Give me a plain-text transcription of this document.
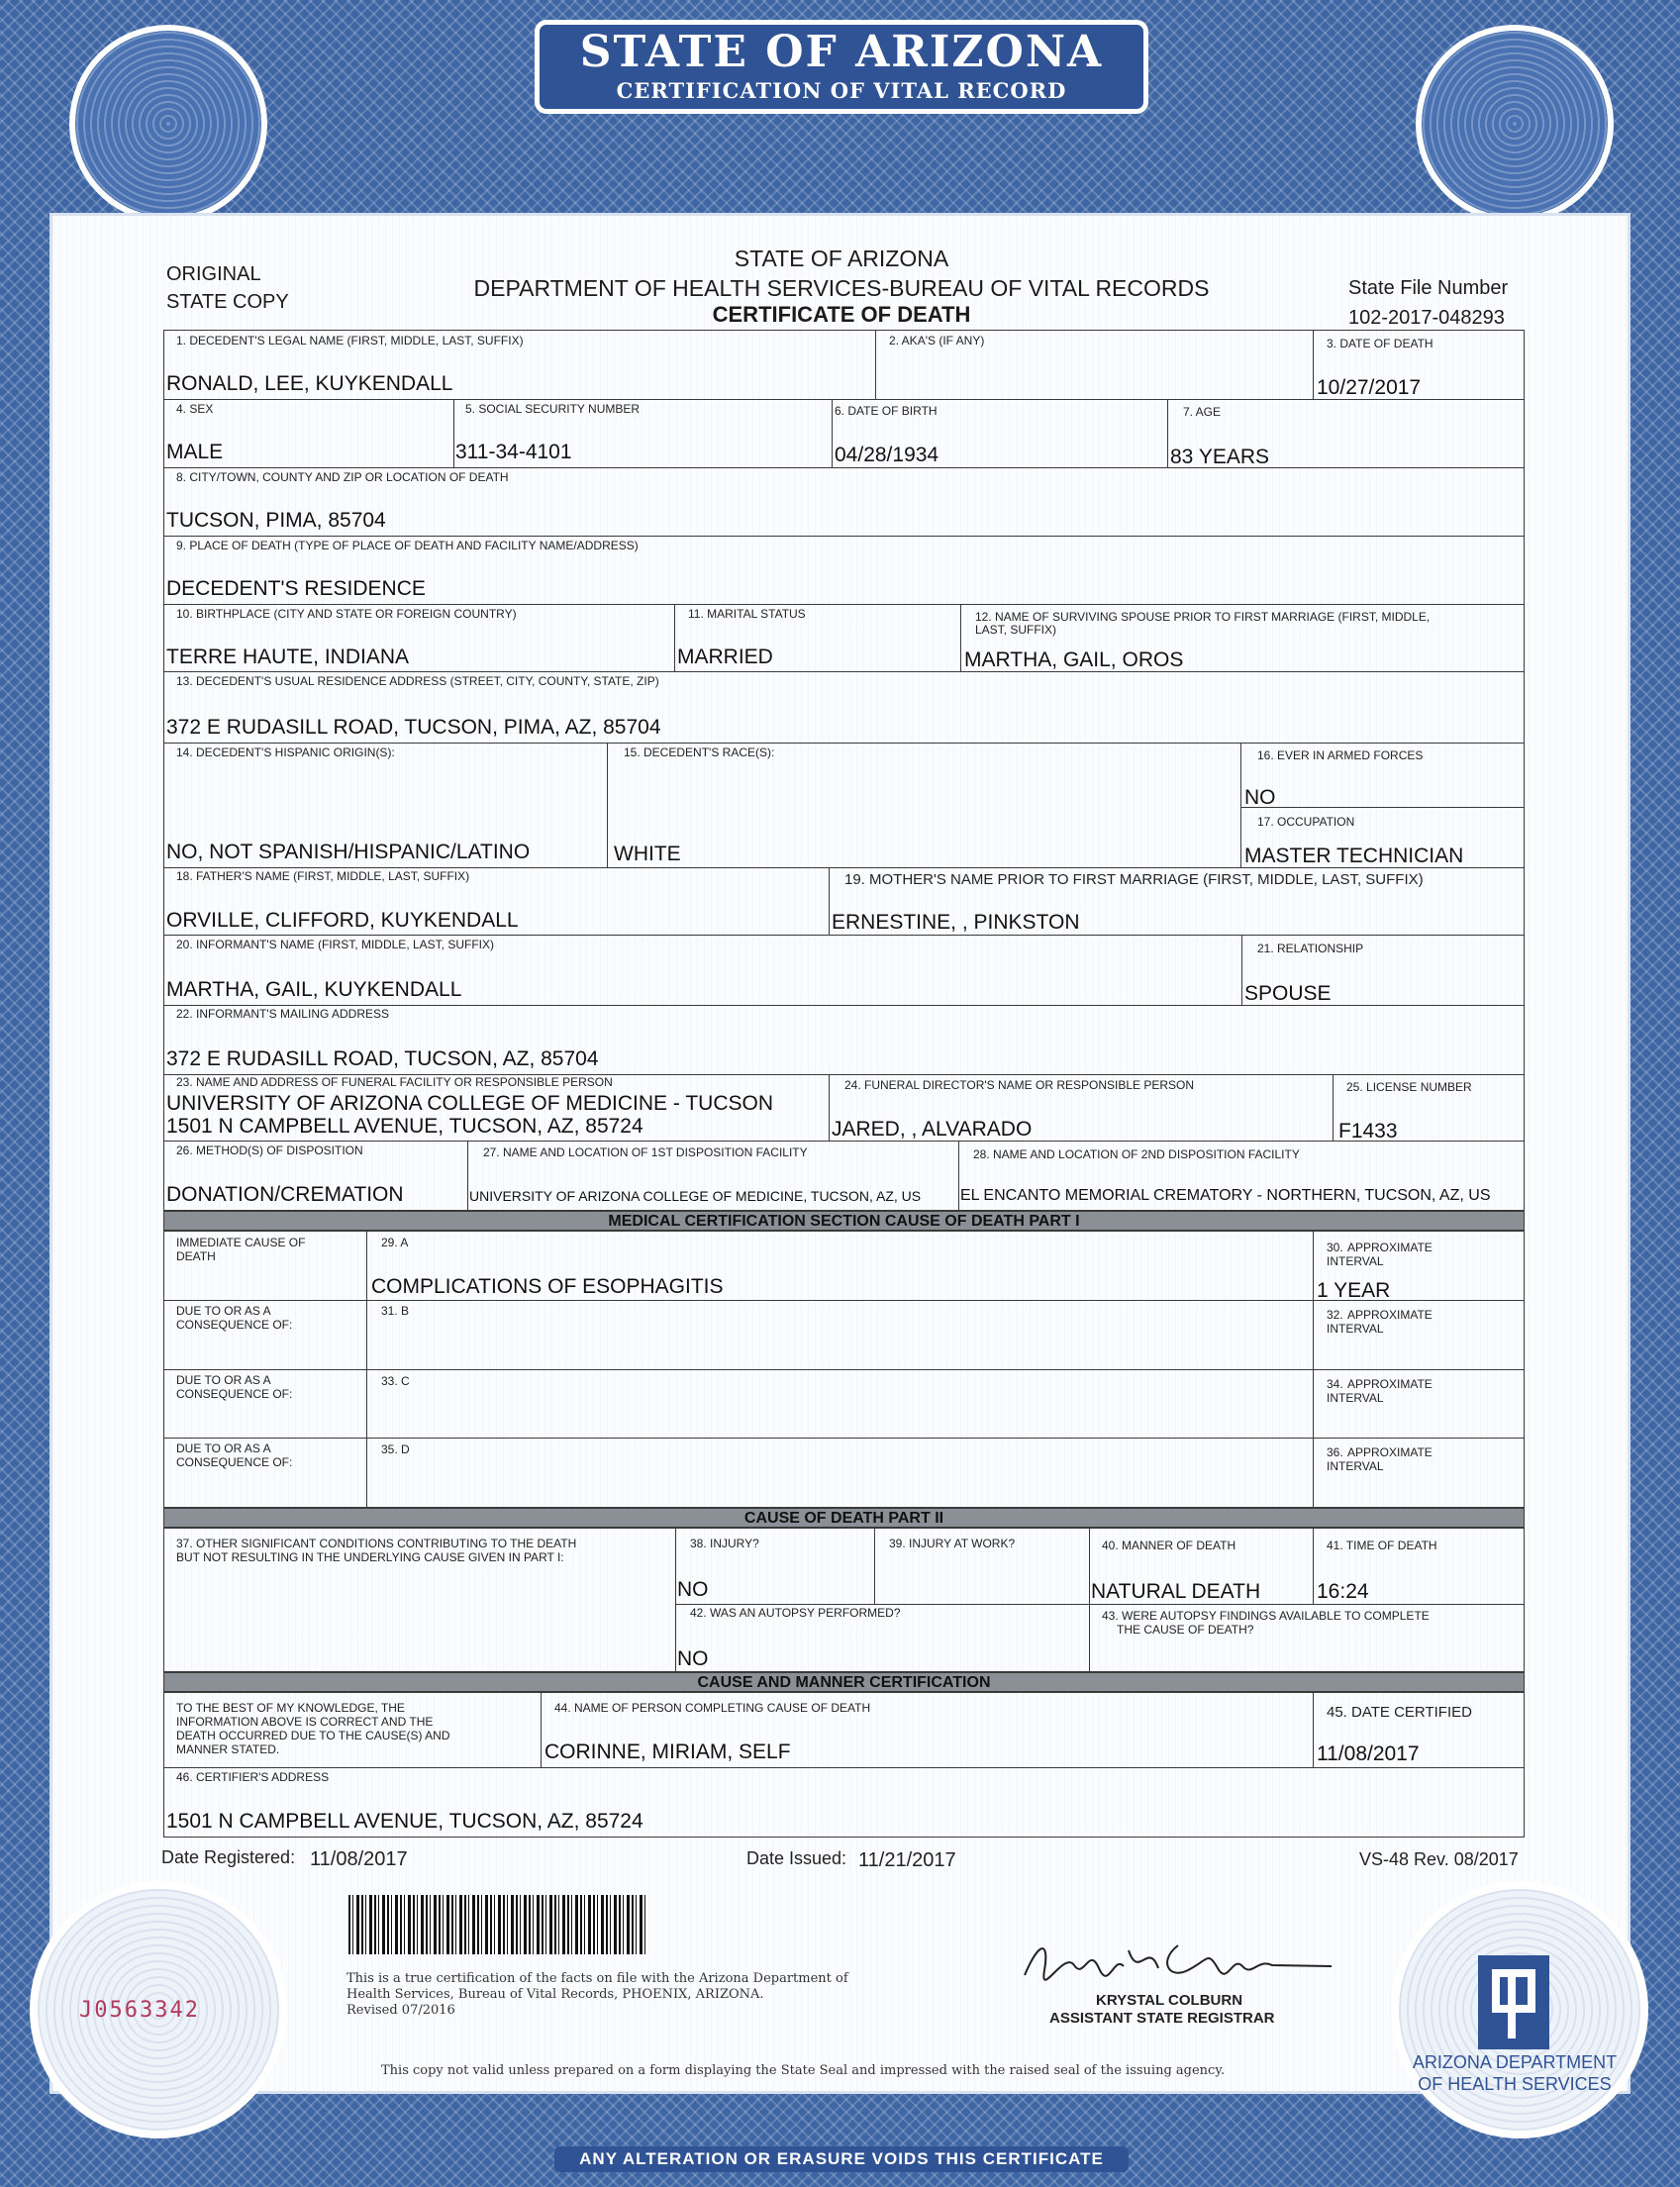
STATE OF ARIZONA
CERTIFICATION OF VITAL RECORD
ORIGINAL
STATE COPY
STATE OF ARIZONA
DEPARTMENT OF HEALTH SERVICES-BUREAU OF VITAL RECORDS
CERTIFICATE OF DEATH
State File Number
102-2017-048293
1. DECEDENT'S LEGAL NAME (FIRST, MIDDLE, LAST, SUFFIX)
RONALD, LEE, KUYKENDALL
2. AKA'S (IF ANY)	3. DATE OF DEATH
10/27/2017
4. SEX
MALE
5. SOCIAL SECURITY NUMBER
311-34-4101
6. DATE OF BIRTH
04/28/1934
7. AGE
83 YEARS
8. CITY/TOWN, COUNTY AND ZIP OR LOCATION OF DEATH
TUCSON, PIMA, 85704
9. PLACE OF DEATH (TYPE OF PLACE OF DEATH AND FACILITY NAME/ADDRESS)
DECEDENT'S RESIDENCE
10. BIRTHPLACE (CITY AND STATE OR FOREIGN COUNTRY)
TERRE HAUTE, INDIANA
11. MARITAL STATUS
MARRIED
12. NAME OF SURVIVING SPOUSE PRIOR TO FIRST MARRIAGE (FIRST, MIDDLE,
LAST, SUFFIX)
MARTHA, GAIL, OROS
13. DECEDENT'S USUAL RESIDENCE ADDRESS (STREET, CITY, COUNTY, STATE, ZIP)
372 E RUDASILL ROAD, TUCSON, PIMA, AZ, 85704
14. DECEDENT'S HISPANIC ORIGIN(S):
NO, NOT SPANISH/HISPANIC/LATINO
15. DECEDENT'S RACE(S):
WHITE
16. EVER IN ARMED FORCES
NO
17. OCCUPATION
MASTER TECHNICIAN
18. FATHER'S NAME (FIRST, MIDDLE, LAST, SUFFIX)
ORVILLE, CLIFFORD, KUYKENDALL
19. MOTHER'S NAME PRIOR TO FIRST MARRIAGE (FIRST, MIDDLE, LAST, SUFFIX)
ERNESTINE, , PINKSTON
20. INFORMANT'S NAME (FIRST, MIDDLE, LAST, SUFFIX)
MARTHA, GAIL, KUYKENDALL
21. RELATIONSHIP
SPOUSE
22. INFORMANT'S MAILING ADDRESS
372 E RUDASILL ROAD, TUCSON, AZ, 85704
23. NAME AND ADDRESS OF FUNERAL FACILITY OR RESPONSIBLE PERSON
UNIVERSITY OF ARIZONA COLLEGE OF MEDICINE - TUCSON
1501 N CAMPBELL AVENUE, TUCSON, AZ, 85724
24. FUNERAL DIRECTOR'S NAME OR RESPONSIBLE PERSON
JARED, , ALVARADO
25. LICENSE NUMBER
F1433
26. METHOD(S) OF DISPOSITION
DONATION/CREMATION
27. NAME AND LOCATION OF 1ST DISPOSITION FACILITY
UNIVERSITY OF ARIZONA COLLEGE OF MEDICINE, TUCSON, AZ, US
28. NAME AND LOCATION OF 2ND DISPOSITION FACILITY
EL ENCANTO MEMORIAL CREMATORY - NORTHERN, TUCSON, AZ, US
MEDICAL CERTIFICATION SECTION CAUSE OF DEATH PART I
IMMEDIATE CAUSE OF
DEATH
29. A
COMPLICATIONS OF ESOPHAGITIS
30. APPROXIMATE
INTERVAL
1 YEAR
DUE TO OR AS A
CONSEQUENCE OF:
31. B	32. APPROXIMATE
INTERVAL
DUE TO OR AS A
CONSEQUENCE OF:
33. C	34. APPROXIMATE
INTERVAL
DUE TO OR AS A
CONSEQUENCE OF:
35. D	36. APPROXIMATE
INTERVAL
CAUSE OF DEATH PART II
37. OTHER SIGNIFICANT CONDITIONS CONTRIBUTING TO THE DEATH
BUT NOT RESULTING IN THE UNDERLYING CAUSE GIVEN IN PART I:
38. INJURY?
NO
39. INJURY AT WORK?	40. MANNER OF DEATH
NATURAL DEATH
41. TIME OF DEATH
16:24
42. WAS AN AUTOPSY PERFORMED?
NO
43. WERE AUTOPSY FINDINGS AVAILABLE TO COMPLETE
THE CAUSE OF DEATH?
CAUSE AND MANNER CERTIFICATION
TO THE BEST OF MY KNOWLEDGE, THE
INFORMATION ABOVE IS CORRECT AND THE
DEATH OCCURRED DUE TO THE CAUSE(S) AND
MANNER STATED.
44. NAME OF PERSON COMPLETING CAUSE OF DEATH
CORINNE, MIRIAM, SELF
45. DATE CERTIFIED
11/08/2017
46. CERTIFIER'S ADDRESS
1501 N CAMPBELL AVENUE, TUCSON, AZ, 85724
Date Registered: 11/08/2017	Date Issued: 11/21/2017	VS-48 Rev. 08/2017
This is a true certification of the facts on file with the Arizona Department of
Health Services, Bureau of Vital Records, PHOENIX, ARIZONA.
Revised 07/2016
KRYSTAL COLBURN
ASSISTANT STATE REGISTRAR
This copy not valid unless prepared on a form displaying the State Seal and impressed with the raised seal of the issuing agency.
J0563342
ARIZONA DEPARTMENT
OF HEALTH SERVICES
ANY ALTERATION OR ERASURE VOIDS THIS CERTIFICATE
